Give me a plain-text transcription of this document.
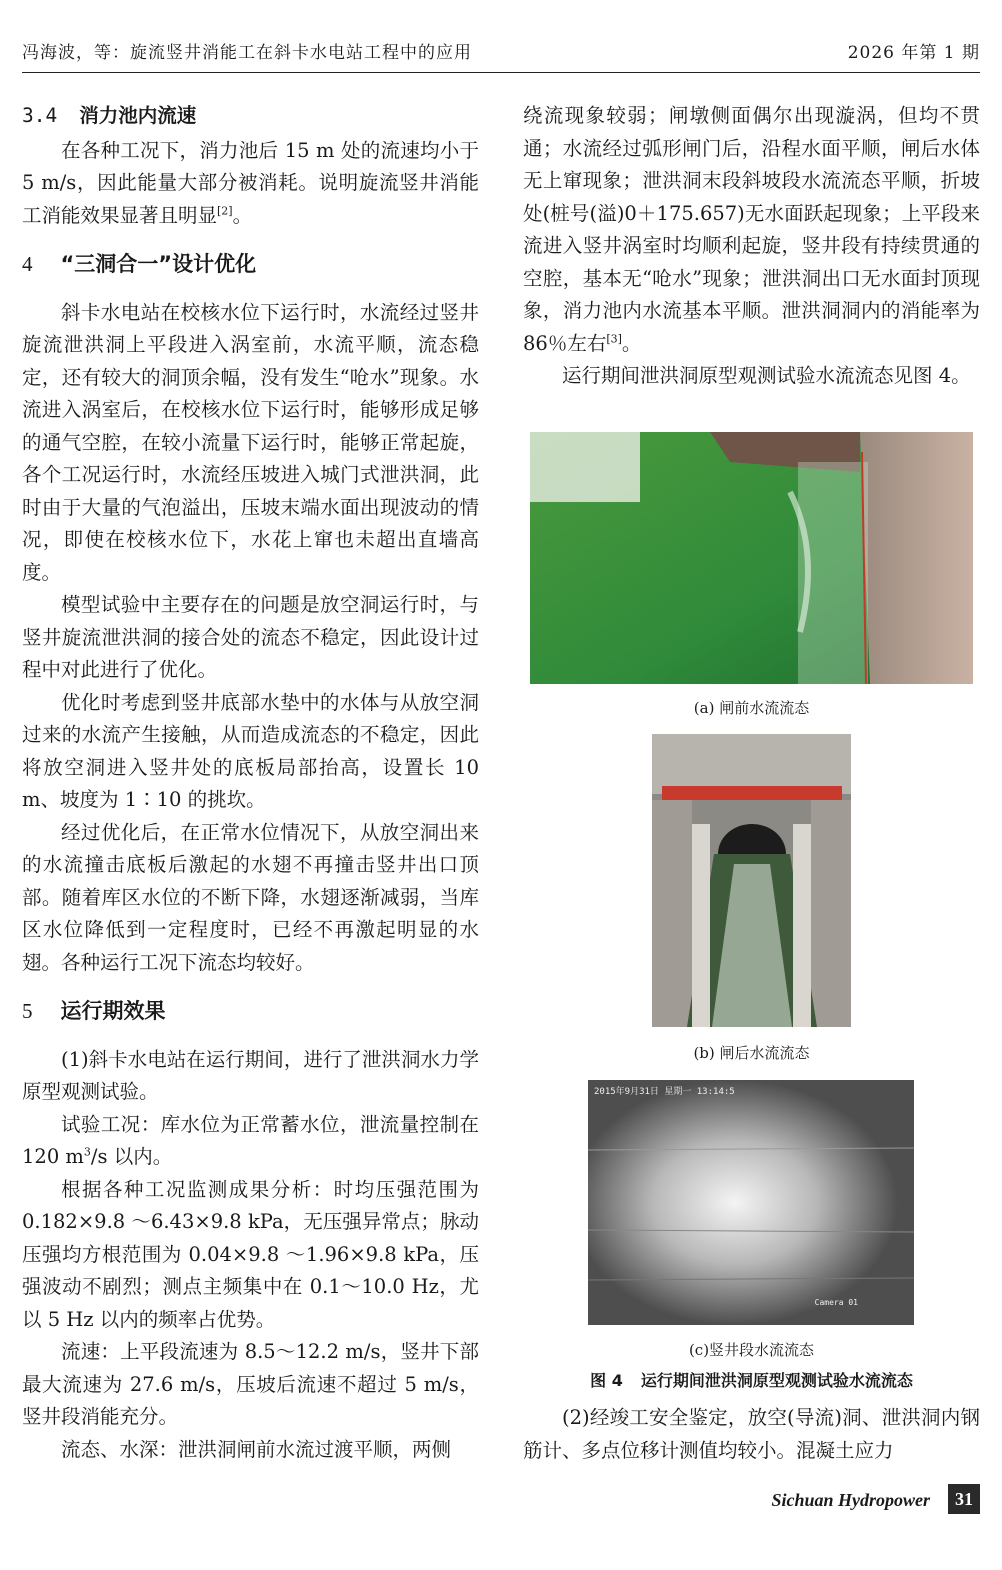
冯海波，等：旋流竖井消能工在斜卡水电站工程中的应用	2026 年第 1 期
3.4 消力池内流速

在各种工况下，消力池后 15 m 处的流速均小于 5 m/s，因此能量大部分被消耗。说明旋流竖井消能工消能效果显著且明显[2]。

4 “三洞合一”设计优化

斜卡水电站在校核水位下运行时，水流经过竖井旋流泄洪洞上平段进入涡室前，水流平顺，流态稳定，还有较大的洞顶余幅，没有发生“呛水”现象。水流进入涡室后，在校核水位下运行时，能够形成足够的通气空腔，在较小流量下运行时，能够正常起旋，各个工况运行时，水流经压坡进入城门式泄洪洞，此时由于大量的气泡溢出，压坡末端水面出现波动的情况，即使在校核水位下，水花上窜也未超出直墙高度。

模型试验中主要存在的问题是放空洞运行时，与竖井旋流泄洪洞的接合处的流态不稳定，因此设计过程中对此进行了优化。

优化时考虑到竖井底部水垫中的水体与从放空洞过来的水流产生接触，从而造成流态的不稳定，因此将放空洞进入竖井处的底板局部抬高，设置长 10 m、坡度为 1∶10 的挑坎。

经过优化后，在正常水位情况下，从放空洞出来的水流撞击底板后激起的水翅不再撞击竖井出口顶部。随着库区水位的不断下降，水翅逐渐减弱，当库区水位降低到一定程度时，已经不再激起明显的水翅。各种运行工况下流态均较好。

5 运行期效果

(1)斜卡水电站在运行期间，进行了泄洪洞水力学原型观测试验。

试验工况：库水位为正常蓄水位，泄流量控制在 120 $m^3/s$ 以内。

根据各种工况监测成果分析：时均压强范围为 0.182×9.8 ～6.43×9.8 kPa，无压强异常点；脉动压强均方根范围为 0.04×9.8 ～1.96×9.8 kPa，压强波动不剧烈；测点主频集中在 0.1～10.0 Hz，尤以 5 Hz 以内的频率占优势。

流速：上平段流速为 8.5～12.2 m/s，竖井下部最大流速为 27.6 m/s，压坡后流速不超过 5 m/s，竖井段消能充分。

流态、水深：泄洪洞闸前水流过渡平顺，两侧

绕流现象较弱；闸墩侧面偶尔出现漩涡，但均不贯通；水流经过弧形闸门后，沿程水面平顺，闸后水体无上窜现象；泄洪洞末段斜坡段水流流态平顺，折坡处(桩号(溢)0＋175.657)无水面跃起现象；上平段来流进入竖井涡室时均顺利起旋，竖井段有持续贯通的空腔，基本无“呛水”现象；泄洪洞出口无水面封顶现象，消力池内水流基本平顺。泄洪洞洞内的消能率为 86％左右[3]。

运行期间泄洪洞原型观测试验水流流态见图 4。

(a) 闸前水流流态
(b) 闸后水流流态
2015年9月31日 星期一 13:14:5
Camera 01
(c)竖井段水流流态
图 4 运行期间泄洪洞原型观测试验水流流态

(2)经竣工安全鉴定，放空(导流)洞、泄洪洞内钢筋计、多点位移计测值均较小。混凝土应力

Sichuan Hydropower	31
